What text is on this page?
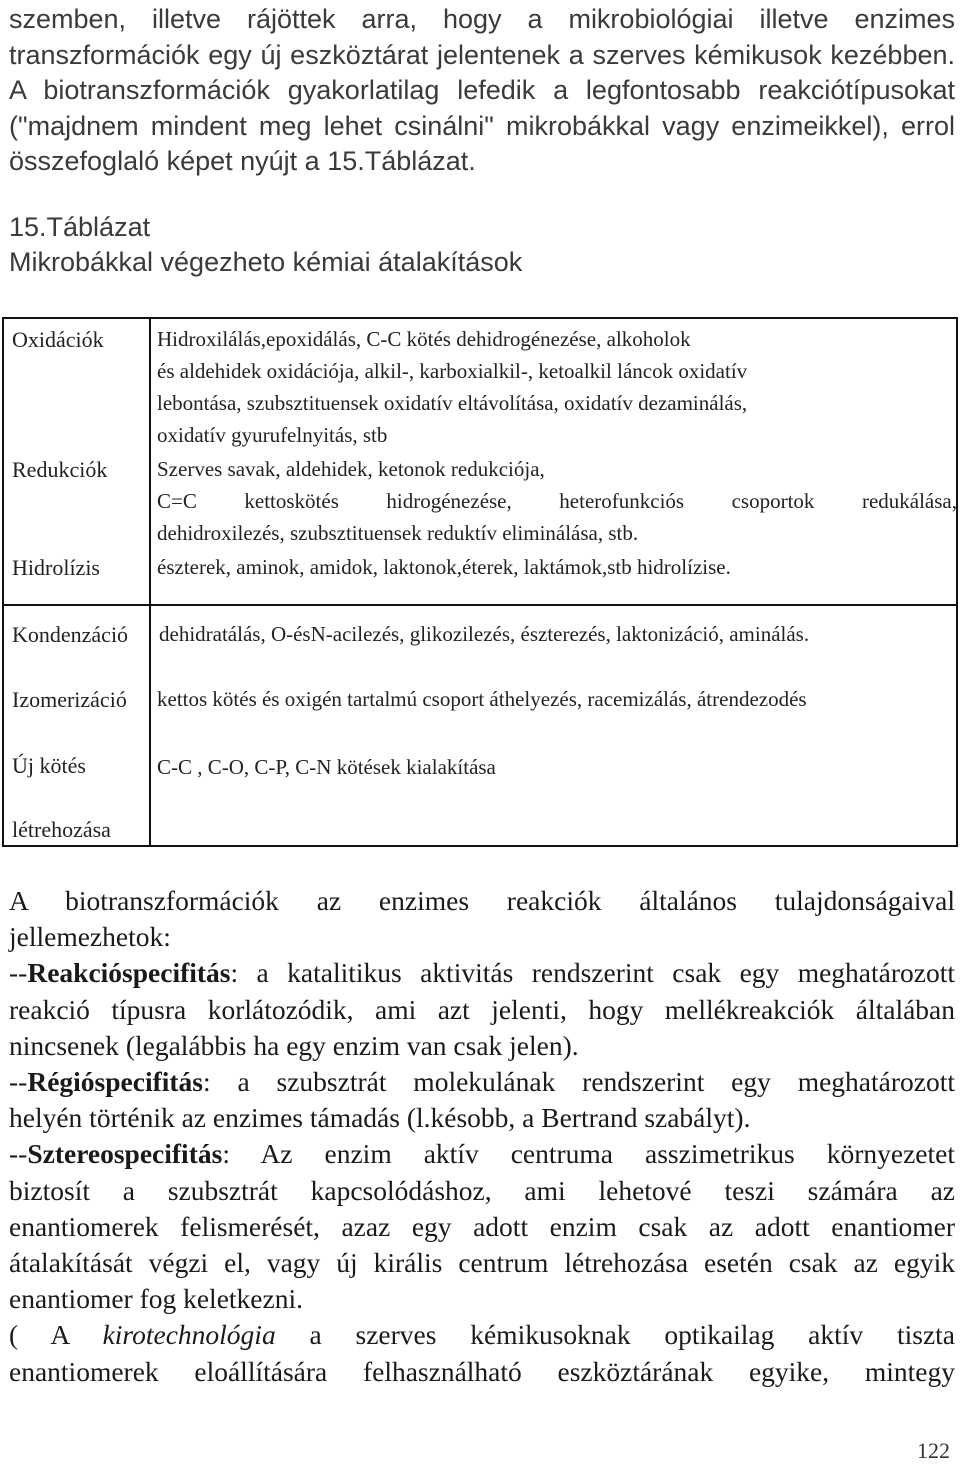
szemben, illetve rájöttek arra, hogy a mikrobiológiai illetve enzimes
transzformációk egy új eszköztárat jelentenek a szerves kémikusok kezébben.
A biotranszformációk gyakorlatilag lefedik a legfontosabb reakciótípusokat
("majdnem mindent meg lehet csinálni" mikrobákkal vagy enzimeikkel), errol
összefoglaló képet nyújt a 15.Táblázat.
15.Táblázat
Mikrobákkal végezheto kémiai átalakítások
Oxidációk	Hidroxilálás,epoxidálás, C-C kötés dehidrogénezése, alkoholok
és aldehidek oxidációja, alkil-, karboxialkil-, ketoalkil láncok oxidatív
lebontása, szubsztituensek oxidatív eltávolítása, oxidatív dezaminálás,
oxidatív gyurufelnyitás, stb
Redukciók Szerves savak, aldehidek, ketonok redukciója,
C=C kettoskötés hidrogénezése, heterofunkciós csoportok redukálása,
dehidroxilezés, szubsztituensek reduktív eliminálása, stb.
Hidrolízis	észterek, aminok, amidok, laktonok,éterek, laktámok,stb hidrolízise.
Kondenzáció dehidratálás, O-ésN-acilezés, glikozilezés, észterezés, laktonizáció, aminálás.
Izomerizáció kettos kötés és oxigén tartalmú csoport áthelyezés, racemizálás, átrendezodés
Új kötés
létrehozása
C-C , C-O, C-P, C-N kötések kialakítása
A biotranszformációk az enzimes reakciók általános tulajdonságaival
jellemezhetok:
--Reakcióspecifitás: a katalitikus aktivitás rendszerint csak egy meghatározott
reakció típusra korlátozódik, ami azt jelenti, hogy mellékreakciók általában
nincsenek (legalábbis ha egy enzim van csak jelen).
--Régióspecifitás: a szubsztrát molekulának rendszerint egy meghatározott
helyén történik az enzimes támadás (l.késobb, a Bertrand szabályt).
--Sztereospecifitás: Az enzim aktív centruma asszimetrikus környezetet
biztosít a szubsztrát kapcsolódáshoz, ami lehetové teszi számára az
enantiomerek felismerését, azaz egy adott enzim csak az adott enantiomer
átalakítását végzi el, vagy új királis centrum létrehozása esetén csak az egyik
enantiomer fog keletkezni.
( A kirotechnológia a szerves kémikusoknak optikailag aktív tiszta
enantiomerek eloállítására felhasználható eszköztárának egyike, mintegy
122
